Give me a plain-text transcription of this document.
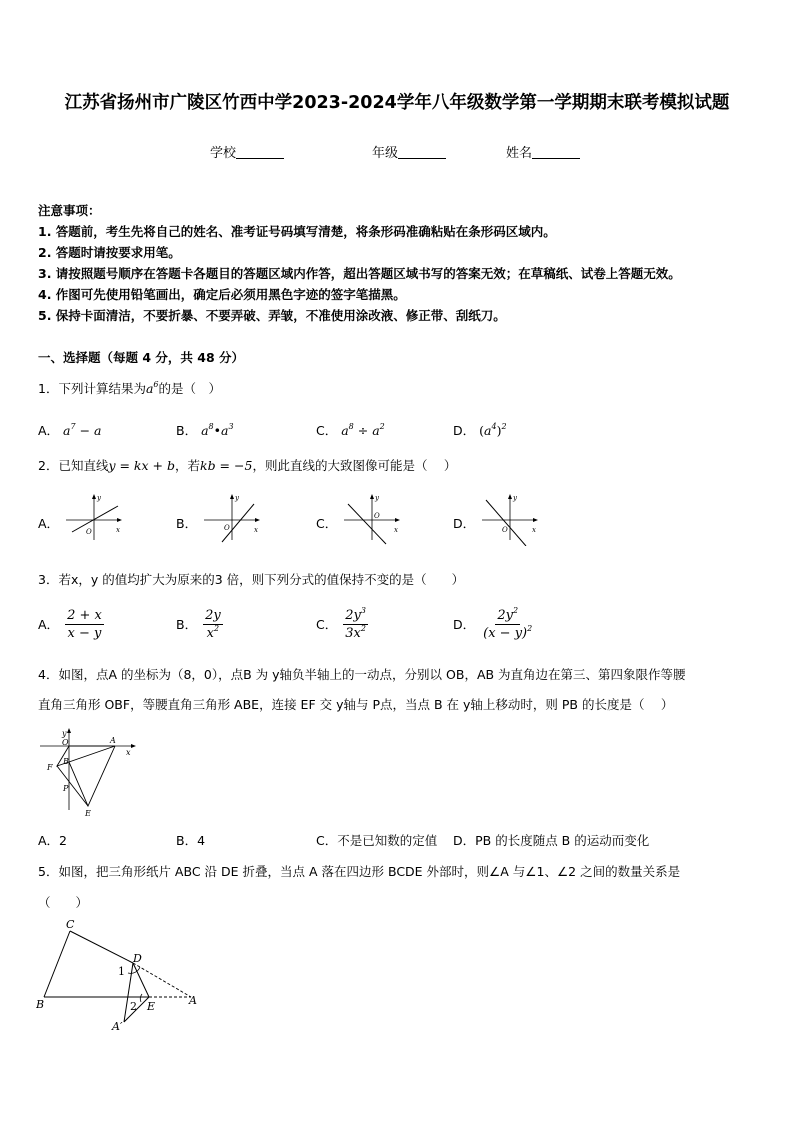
江苏省扬州市广陵区竹西中学2023-2024学年八年级数学第一学期期末联考模拟试题
学校	年级	姓名
注意事项：
1. 答题前，考生先将自己的姓名、准考证号码填写清楚，将条形码准确粘贴在条形码区域内。
2. 答题时请按要求用笔。
3. 请按照题号顺序在答题卡各题目的答题区域内作答，超出答题区域书写的答案无效；在草稿纸、试卷上答题无效。
4. 作图可先使用铅笔画出，确定后必须用黑色字迹的签字笔描黑。
5. 保持卡面清洁，不要折暴、不要弄破、弄皱，不准使用涂改液、修正带、刮纸刀。
一、选择题（每题 4 分，共 48 分）
1．下列计算结果为$a^6$的是（　）
A． $a^7 - a$	B． $a^8•a^3$	C． $a^8 \div a^2$	D． $(a^4)^2$
2．已知直线y = kx + b，若kb = −5，则此直线的大致图像可能是（　 ）
A．
y
x
O
B．
y
x
O	C．
y
x
O	D．
y
x
O
3．若x，y 的值均扩大为原来的3 倍，则下列分式的值保持不变的是（　　）
A． $\frac{2 + x}{x - y}$	B． $\frac{2y}{x^2}$	C． $\frac{2y^3}{3x^2}$	D． $\frac{2y^2}{(x - y)^2}$
4．如图，点A 的坐标为（8，0），点B 为 y轴负半轴上的一动点，分别以 OB，AB 为直角边在第三、第四象限作等腰
直角三角形 OBF，等腰直角三角形 ABE，连接 EF 交 y轴与 P点，当点 B 在 y轴上移动时，则 PB 的长度是（　 ）
y
O	A
x
F
B
P
E
A．2	B．4	C．不是已知数的定值 D．PB 的长度随点 B 的运动而变化
5．如图，把三角形纸片 ABC 沿 DE 折叠，当点 A 落在四边形 BCDE 外部时，则∠A 与∠1、∠2 之间的数量关系是
（　　）
C
D
1
B	2 E	A
A′
